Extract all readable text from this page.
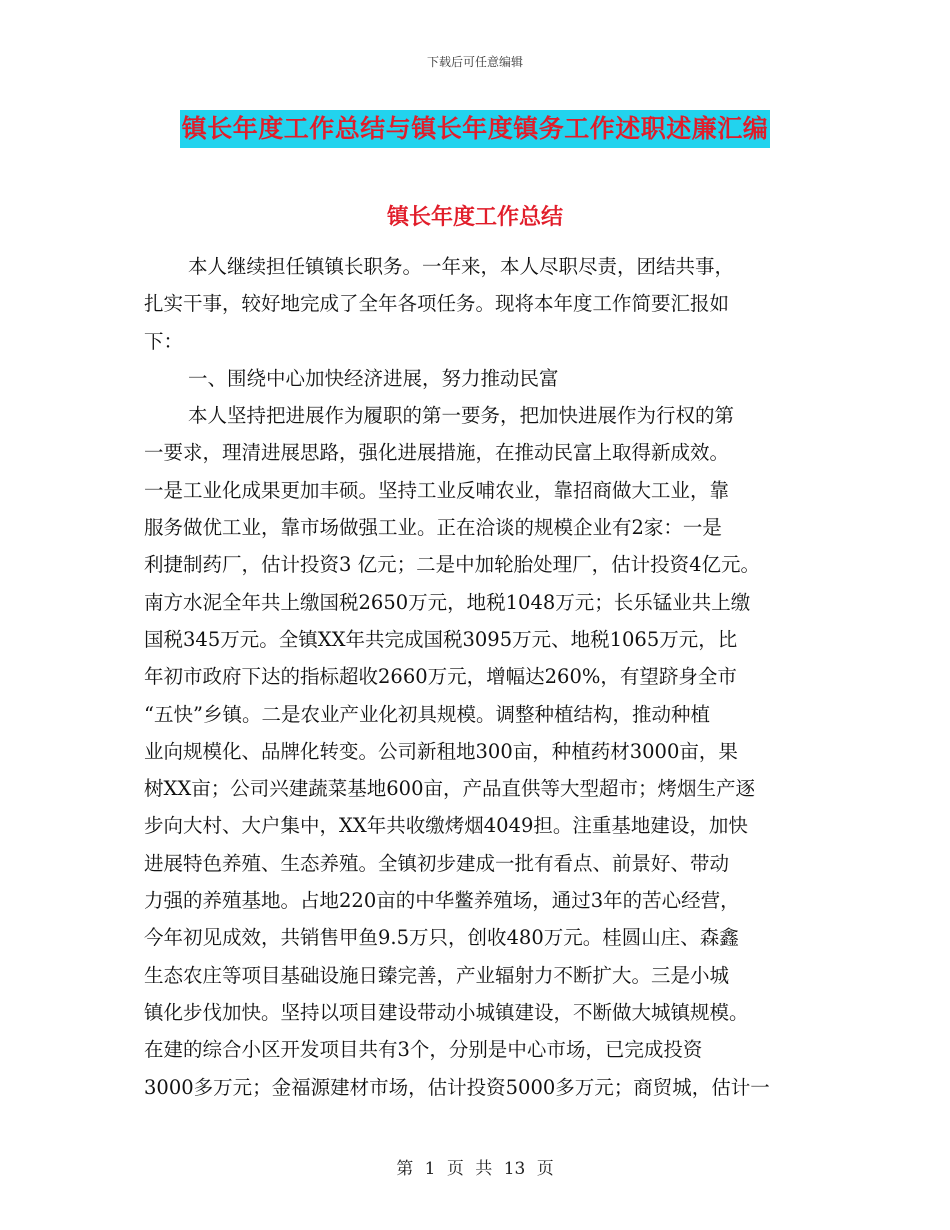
下载后可任意编辑
镇长年度工作总结与镇长年度镇务工作述职述廉汇编
镇长年度工作总结
本人继续担任镇镇长职务。一年来，本人尽职尽责，团结共事，
扎实干事，较好地完成了全年各项任务。现将本年度工作简要汇报如
下：
一、围绕中心加快经济进展，努力推动民富
本人坚持把进展作为履职的第一要务，把加快进展作为行权的第
一要求，理清进展思路，强化进展措施，在推动民富上取得新成效。
一是工业化成果更加丰硕。坚持工业反哺农业，靠招商做大工业，靠
服务做优工业，靠市场做强工业。正在洽谈的规模企业有2家：一是
利捷制药厂，估计投资3 亿元；二是中加轮胎处理厂，估计投资4亿元。
南方水泥全年共上缴国税2650万元，地税1048万元；长乐锰业共上缴
国税345万元。全镇XX年共完成国税3095万元、地税1065万元，比
年初市政府下达的指标超收2660万元，增幅达260%，有望跻身全市
“五快”乡镇。二是农业产业化初具规模。调整种植结构，推动种植
业向规模化、品牌化转变。公司新租地300亩，种植药材3000亩，果
树XX亩；公司兴建蔬菜基地600亩，产品直供等大型超市；烤烟生产逐
步向大村、大户集中，XX年共收缴烤烟4049担。注重基地建设，加快
进展特色养殖、生态养殖。全镇初步建成一批有看点、前景好、带动
力强的养殖基地。占地220亩的中华鳖养殖场，通过3年的苦心经营，
今年初见成效，共销售甲鱼9.5万只，创收480万元。桂圆山庄、森鑫
生态农庄等项目基础设施日臻完善，产业辐射力不断扩大。三是小城
镇化步伐加快。坚持以项目建设带动小城镇建设，不断做大城镇规模。
在建的综合小区开发项目共有3个，分别是中心市场，已完成投资
3000多万元；金福源建材市场，估计投资5000多万元；商贸城，估计一
第 1 页 共 13 页
